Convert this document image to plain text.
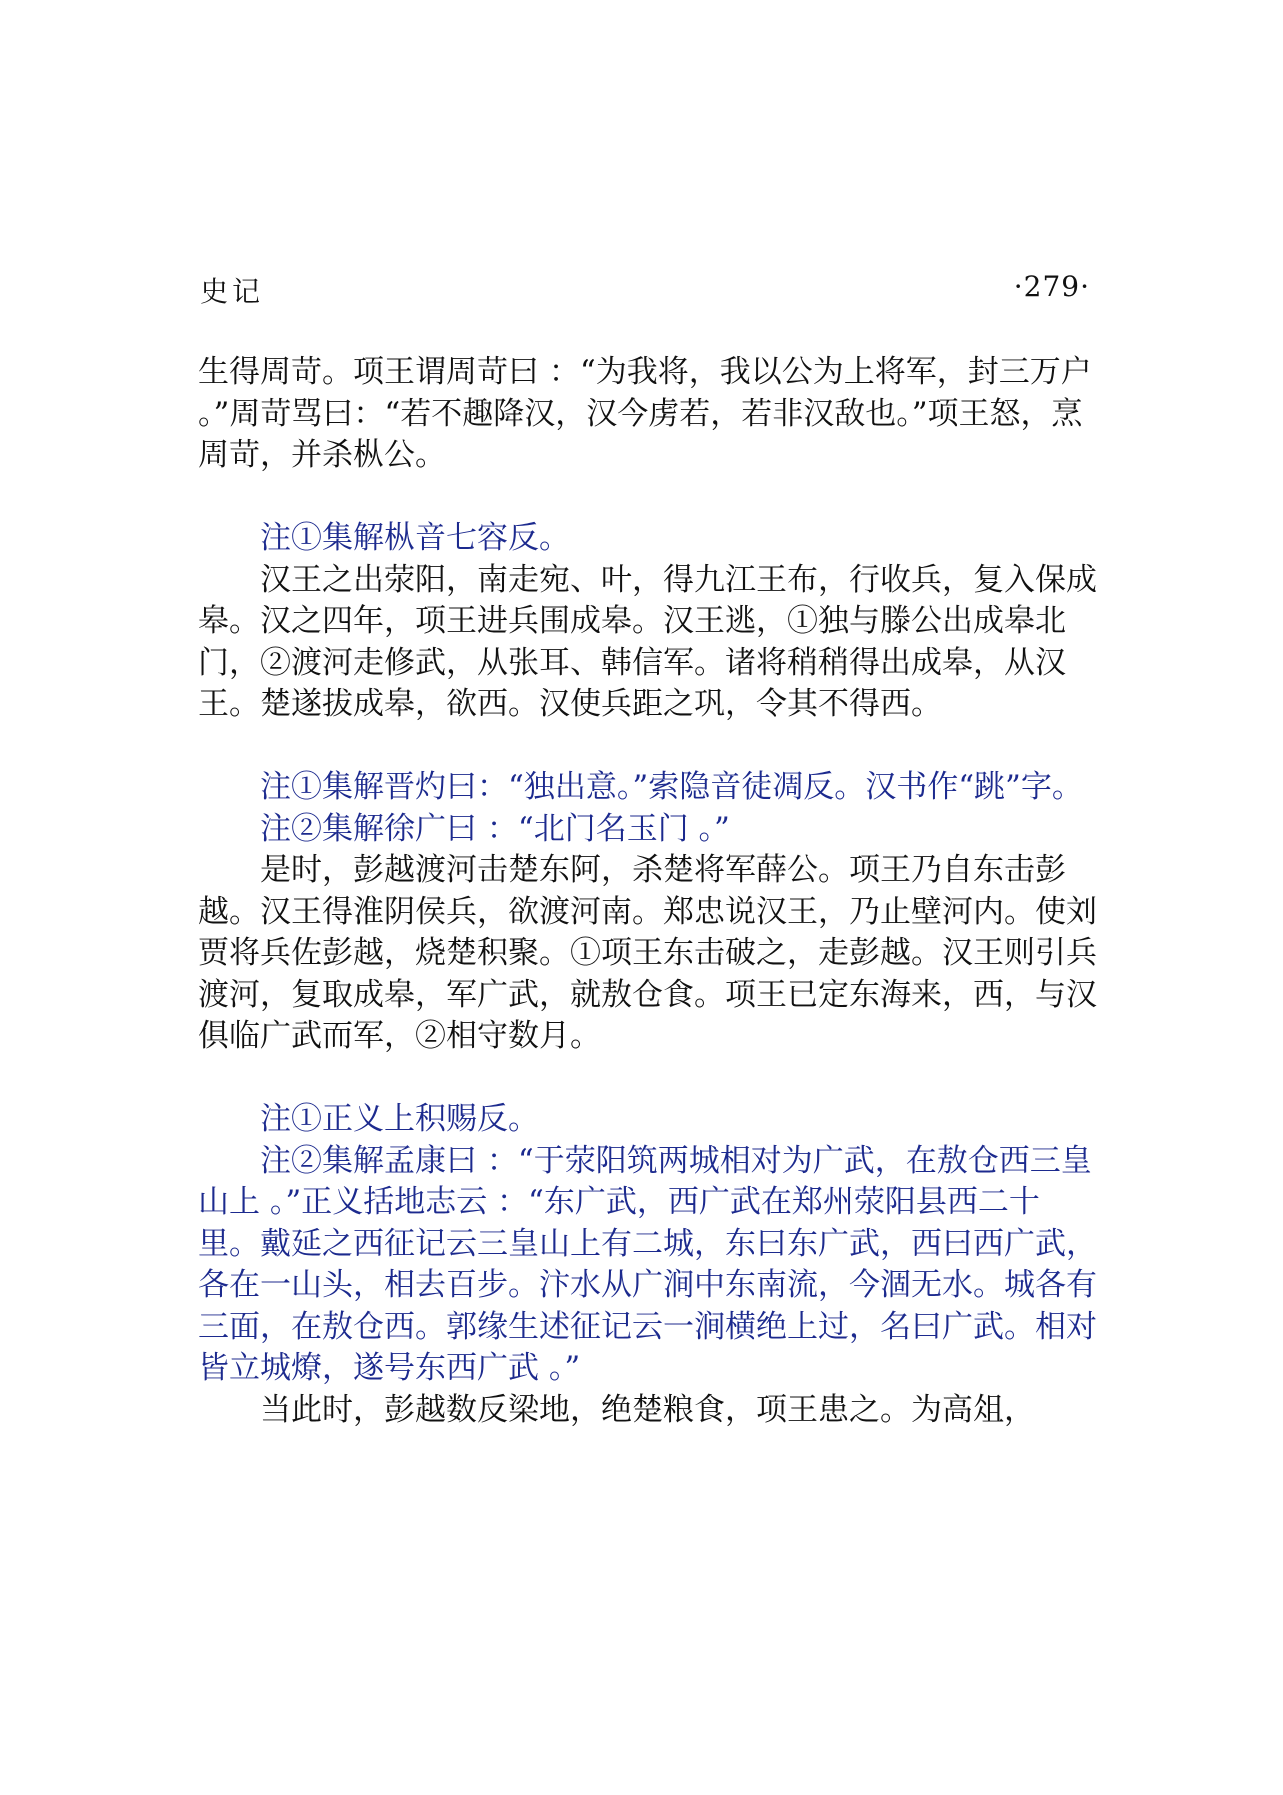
史记	·279·

生得周苛。项王谓周苛曰 ：“为我将，我以公为上将军，封三万户 。”周苛骂曰：“若不趣降汉，汉今虏若，若非汉敌也。”项王怒，烹周苛，并杀枞公。

注①集解枞音七容反。

汉王之出荥阳，南走宛、叶，得九江王布，行收兵，复入保成皋。汉之四年，项王进兵围成皋。汉王逃，①独与滕公出成皋北门，②渡河走修武，从张耳、韩信军。诸将稍稍得出成皋，从汉王。楚遂拔成皋，欲西。汉使兵距之巩，令其不得西。

注①集解晋灼曰：“独出意。”索隐音徒凋反。汉书作“跳”字。

注②集解徐广曰 ：“北门名玉门 。”

是时，彭越渡河击楚东阿，杀楚将军薛公。项王乃自东击彭越。汉王得淮阴侯兵，欲渡河南。郑忠说汉王，乃止壁河内。使刘贾将兵佐彭越，烧楚积聚。①项王东击破之，走彭越。汉王则引兵渡河，复取成皋，军广武，就敖仓食。项王已定东海来，西，与汉俱临广武而军，②相守数月。

注①正义上积赐反。

注②集解孟康曰 ：“于荥阳筑两城相对为广武，在敖仓西三皇山上 。”正义括地志云 ：“东广武，西广武在郑州荥阳县西二十里。戴延之西征记云三皇山上有二城，东曰东广武，西曰西广武，各在一山头，相去百步。汴水从广涧中东南流，今涸无水。城各有三面，在敖仓西。郭缘生述征记云一涧横绝上过，名曰广武。相对皆立城燎，遂号东西广武 。”

当此时，彭越数反梁地，绝楚粮食，项王患之。为高俎，
